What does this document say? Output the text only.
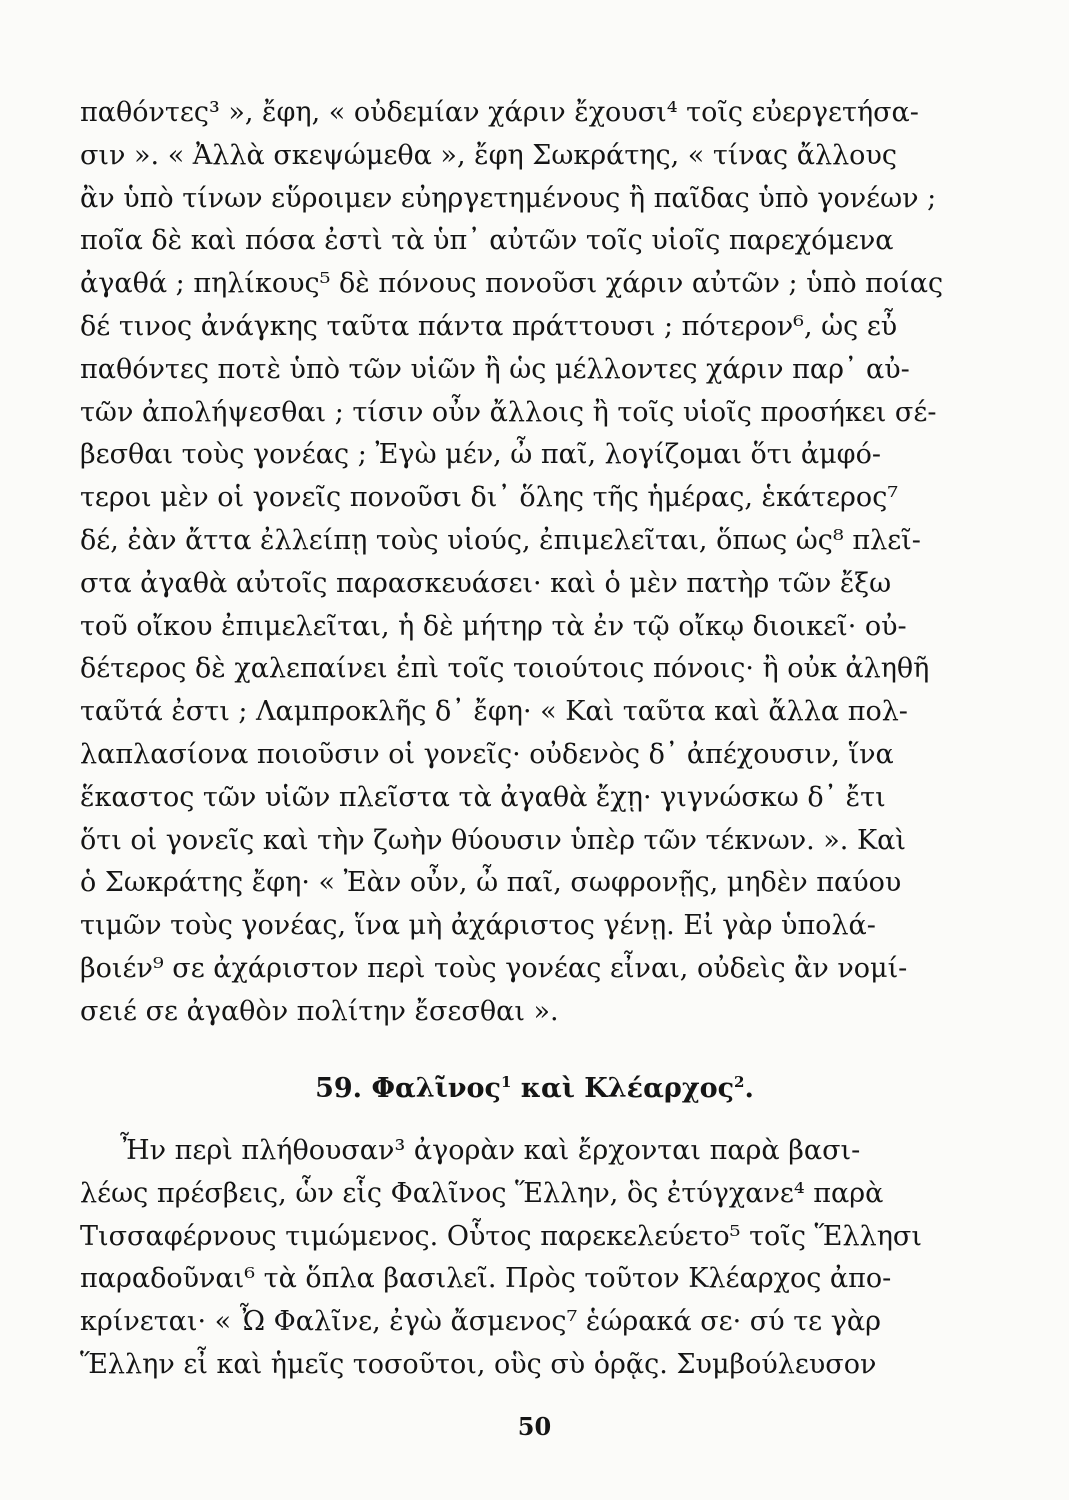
παθόντες³ », ἔφη, « οὐδεμίαν χάριν ἔχουσι⁴ τοῖς εὐεργετήσα-
σιν ». « Ἀλλὰ σκεψώμεθα », ἔφη Σωκράτης, « τίνας ἄλλους
ἂν ὑπὸ τίνων εὕροιμεν εὐηργετημένους ἢ παῖδας ὑπὸ γονέων ;
ποῖα δὲ καὶ πόσα ἐστὶ τὰ ὑπ᾽ αὐτῶν τοῖς υἱοῖς παρεχόμενα
ἀγαθά ; πηλίκους⁵ δὲ πόνους πονοῦσι χάριν αὐτῶν ; ὑπὸ ποίας
δέ τινος ἀνάγκης ταῦτα πάντα πράττουσι ; πότερον⁶, ὡς εὖ
παθόντες ποτὲ ὑπὸ τῶν υἱῶν ἢ ὡς μέλλοντες χάριν παρ᾽ αὐ-
τῶν ἀπολήψεσθαι ; τίσιν οὖν ἄλλοις ἢ τοῖς υἱοῖς προσήκει σέ-
βεσθαι τοὺς γονέας ; Ἐγὼ μέν, ὦ παῖ, λογίζομαι ὅτι ἀμφό-
τεροι μὲν οἱ γονεῖς πονοῦσι δι᾽ ὅλης τῆς ἡμέρας, ἑκάτερος⁷
δέ, ἐὰν ἄττα ἐλλείπῃ τοὺς υἱούς, ἐπιμελεῖται, ὅπως ὡς⁸ πλεῖ-
στα ἀγαθὰ αὐτοῖς παρασκευάσει· καὶ ὁ μὲν πατὴρ τῶν ἔξω
τοῦ οἴκου ἐπιμελεῖται, ἡ δὲ μήτηρ τὰ ἐν τῷ οἴκῳ διοικεῖ· οὐ-
δέτερος δὲ χαλεπαίνει ἐπὶ τοῖς τοιούτοις πόνοις· ἢ οὐκ ἀληθῆ
ταῦτά ἐστι ; Λαμπροκλῆς δ᾽ ἔφη· « Καὶ ταῦτα καὶ ἄλλα πολ-
λαπλασίονα ποιοῦσιν οἱ γονεῖς· οὐδενὸς δ᾽ ἀπέχουσιν, ἵνα
ἕκαστος τῶν υἱῶν πλεῖστα τὰ ἀγαθὰ ἔχῃ· γιγνώσκω δ᾽ ἔτι
ὅτι οἱ γονεῖς καὶ τὴν ζωὴν θύουσιν ὑπὲρ τῶν τέκνων. ». Καὶ
ὁ Σωκράτης ἔφη· « Ἐὰν οὖν, ὦ παῖ, σωφρονῇς, μηδὲν παύου
τιμῶν τοὺς γονέας, ἵνα μὴ ἀχάριστος γένῃ. Εἰ γὰρ ὑπολά-
βοιέν⁹ σε ἀχάριστον περὶ τοὺς γονέας εἶναι, οὐδεὶς ἂν νομί-
σειέ σε ἀγαθὸν πολίτην ἔσεσθαι ».
59. Φαλῖνος$^1$ καὶ Κλέαρχος$^2$.
Ἦν περὶ πλήθουσαν³ ἀγορὰν καὶ ἔρχονται παρὰ βασι-
λέως πρέσβεις, ὧν εἷς Φαλῖνος Ἕλλην, ὃς ἐτύγχανε⁴ παρὰ
Τισσαφέρνους τιμώμενος. Οὗτος παρεκελεύετο⁵ τοῖς Ἕλλησι
παραδοῦναι⁶ τὰ ὅπλα βασιλεῖ. Πρὸς τοῦτον Κλέαρχος ἀπο-
κρίνεται· « Ὦ Φαλῖνε, ἐγὼ ἄσμενος⁷ ἑώρακά σε· σύ τε γὰρ
Ἕλλην εἶ καὶ ἡμεῖς τοσοῦτοι, οὓς σὺ ὁρᾷς. Συμβούλευσον
50
